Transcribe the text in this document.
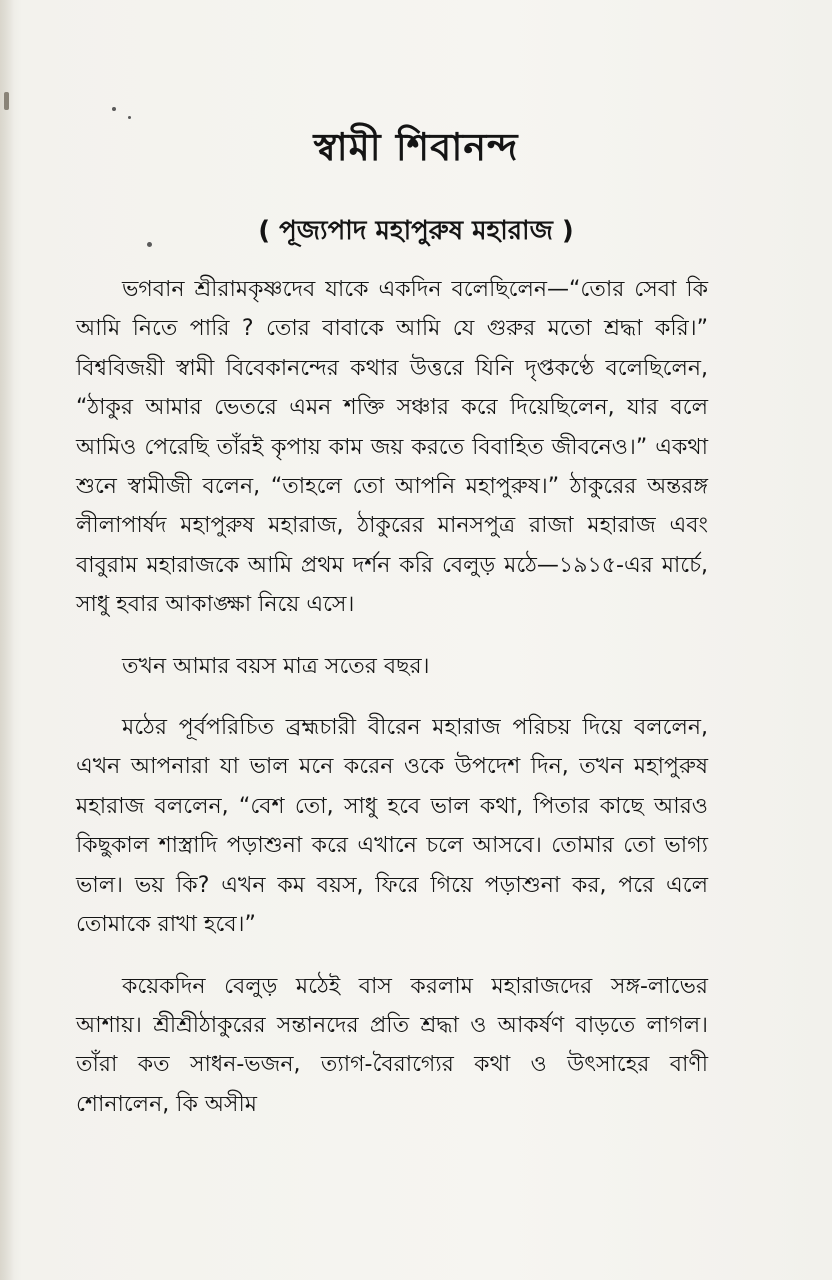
স্বামী শিবানন্দ
( পূজ্যপাদ মহাপুরুষ মহারাজ )

ভগবান শ্রীরামকৃষ্ণদেব যাকে একদিন বলেছিলেন—“তোর সেবা কি আমি নিতে পারি ? তোর বাবাকে আমি যে গুরুর মতো শ্রদ্ধা করি।” বিশ্ববিজয়ী স্বামী বিবেকানন্দের কথার উত্তরে যিনি দৃপ্তকণ্ঠে বলেছিলেন, “ঠাকুর আমার ভেতরে এমন শক্তি সঞ্চার করে দিয়েছিলেন, যার বলে আমিও পেরেছি তাঁরই কৃপায় কাম জয় করতে বিবাহিত জীবনেও।” একথা শুনে স্বামীজী বলেন, “তাহলে তো আপনি মহাপুরুষ।” ঠাকুরের অন্তরঙ্গ লীলাপার্ষদ মহাপুরুষ মহারাজ, ঠাকুরের মানসপুত্র রাজা মহারাজ এবং বাবুরাম মহারাজকে আমি প্রথম দর্শন করি বেলুড় মঠে—১৯১৫-এর মার্চে, সাধু হবার আকাঙ্ক্ষা নিয়ে এসে।

তখন আমার বয়স মাত্র সতের বছর।

মঠের পূর্বপরিচিত ব্রহ্মচারী বীরেন মহারাজ পরিচয় দিয়ে বললেন, এখন আপনারা যা ভাল মনে করেন ওকে উপদেশ দিন, তখন মহাপুরুষ মহারাজ বললেন, “বেশ তো, সাধু হবে ভাল কথা, পিতার কাছে আরও কিছুকাল শাস্ত্রাদি পড়াশুনা করে এখানে চলে আসবে। তোমার তো ভাগ্য ভাল। ভয় কি? এখন কম বয়স, ফিরে গিয়ে পড়াশুনা কর, পরে এলে তোমাকে রাখা হবে।”

কয়েকদিন বেলুড় মঠেই বাস করলাম মহারাজদের সঙ্গ-লাভের আশায়। শ্রীশ্রীঠাকুরের সন্তানদের প্রতি শ্রদ্ধা ও আকর্ষণ বাড়তে লাগল। তাঁরা কত সাধন-ভজন, ত্যাগ-বৈরাগ্যের কথা ও উৎসাহের বাণী শোনালেন, কি অসীম
